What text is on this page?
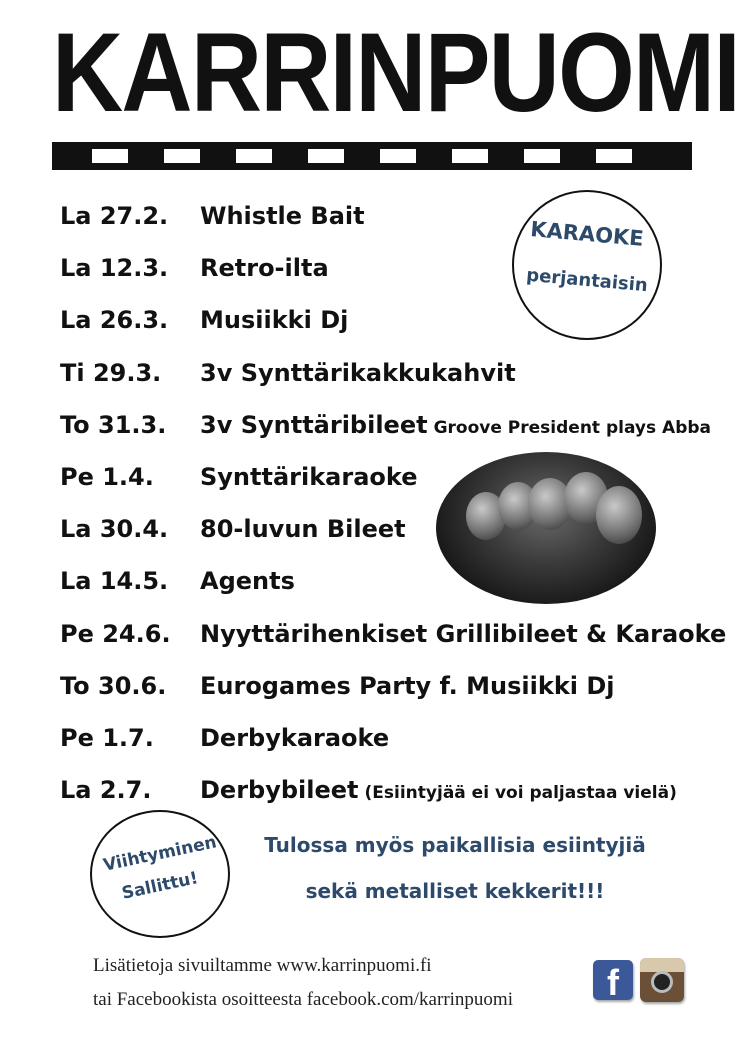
KARRINPUOMI
La 27.2. Whistle Bait
La 12.3. Retro-ilta
La 26.3. Musiikki Dj
Ti 29.3. 3v Synttärikakkukahvit
To 31.3. 3v Synttäribileet Groove President plays Abba
Pe 1.4. Synttärikaraoke
La 30.4. 80-luvun Bileet
La 14.5. Agents
Pe 24.6. Nyyttärihenkiset Grillibileet & Karaoke
To 30.6. Eurogames Party f. Musiikki Dj
Pe 1.7. Derbykaraoke
La 2.7. Derbybileet (Esiintyjää ei voi paljastaa vielä)
KARAOKE
perjantaisin
Viihtyminen
Sallittu!
Tulossa myös paikallisia esiintyjiä
sekä metalliset kekkerit!!!
Lisätietoja sivuiltamme www.karrinpuomi.fi
tai Facebookista osoitteesta facebook.com/karrinpuomi	f
